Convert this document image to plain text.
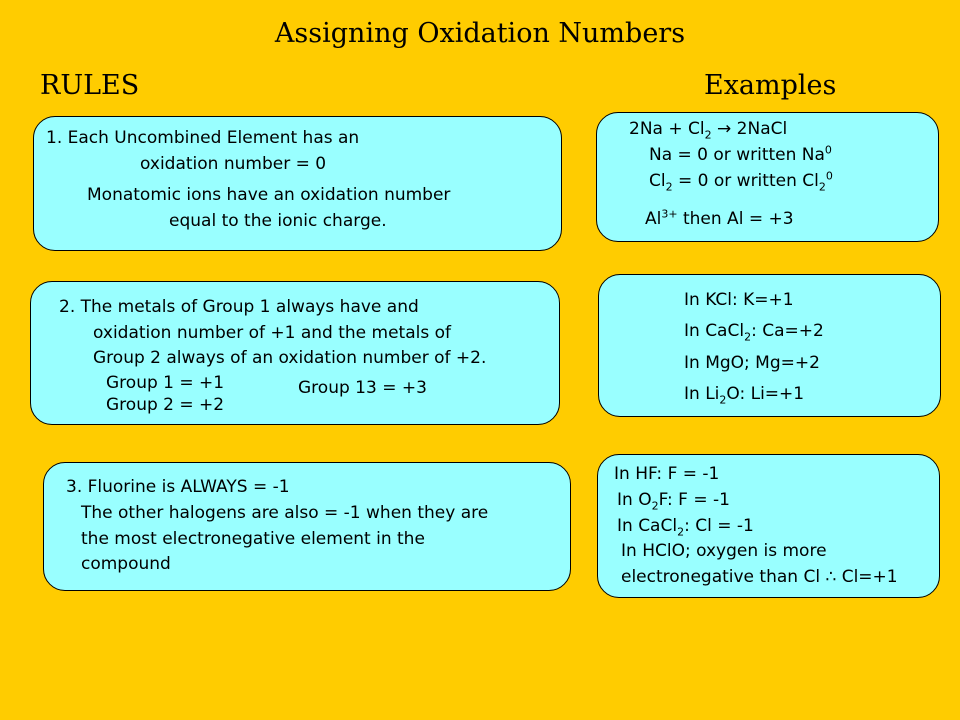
Assigning Oxidation Numbers
RULES	Examples
1. Each Uncombined Element has an
oxidation number = 0
Monatomic ions have an oxidation number
equal to the ionic charge.
2. The metals of Group 1 always have and
oxidation number of +1 and the metals of
Group 2 always of an oxidation number of +2.
Group 1 = +1
Group 2 = +2
Group 13 = +3
3. Fluorine is ALWAYS = -1
The other halogens are also = -1 when they are
the most electronegative element in the
compound
$2Na + Cl_2$ → 2NaCl
Na = 0 or written Na$^0$
$Cl_2 = 0$ or written $Cl_2^0$
$Al^{3+}$ then Al = +3
In KCl: K=+1
In CaCl$_2$: Ca=+2
In MgO; Mg=+2
In $Li_2O$: Li=+1
In HF: F = -1
In $O_2F$: F = -1
In CaCl$_2$: Cl = -1
In HClO; oxygen is more
electronegative than Cl ∴ Cl=+1
